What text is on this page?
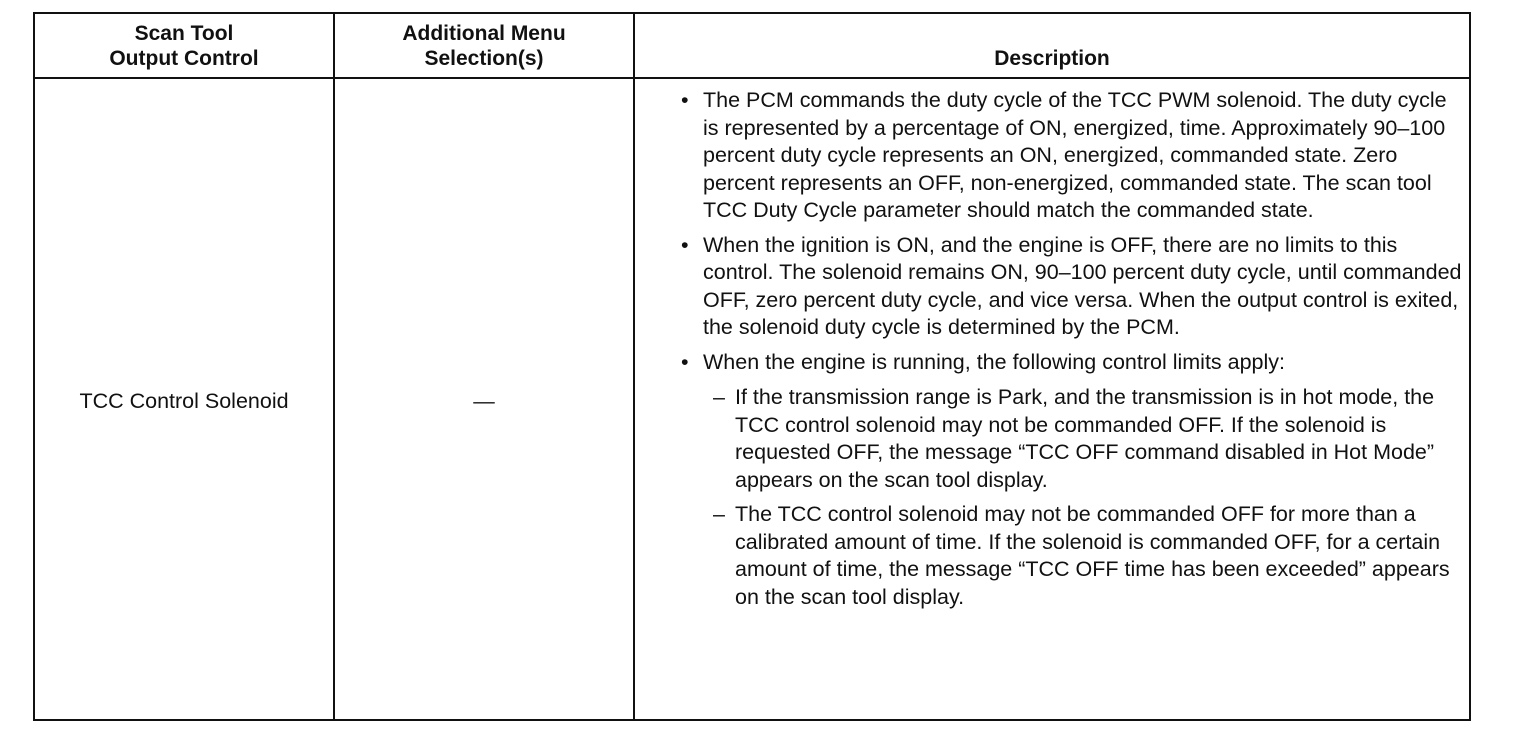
Scan Tool
Output Control
Additional Menu
Selection(s)	Description
TCC Control Solenoid	—
• The PCM commands the duty cycle of the TCC PWM solenoid. The duty cycle is represented by a percentage of ON, energized, time. Approximately 90–100 percent duty cycle represents an ON, energized, commanded state. Zero percent represents an OFF, non-energized, commanded state. The scan tool TCC Duty Cycle parameter should match the commanded state.
• When the ignition is ON, and the engine is OFF, there are no limits to this control. The solenoid remains ON, 90–100 percent duty cycle, until commanded OFF, zero percent duty cycle, and vice versa. When the output control is exited, the solenoid duty cycle is determined by the PCM.
• When the engine is running, the following control limits apply:
– If the transmission range is Park, and the transmission is in hot mode, the TCC control solenoid may not be commanded OFF. If the solenoid is requested OFF, the message “TCC OFF command disabled in Hot Mode” appears on the scan tool display.
– The TCC control solenoid may not be commanded OFF for more than a calibrated amount of time. If the solenoid is commanded OFF, for a certain amount of time, the message “TCC OFF time has been exceeded” appears on the scan tool display.
